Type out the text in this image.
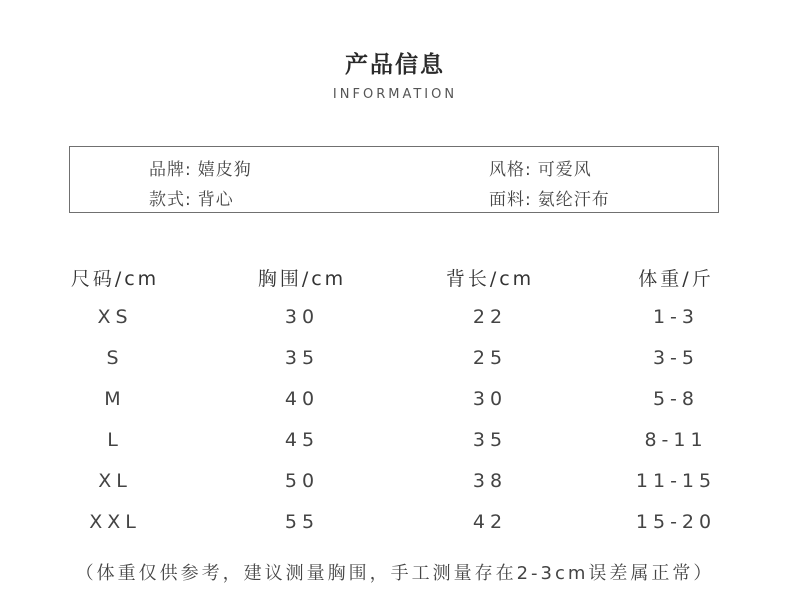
产品信息
INFORMATION
品牌: 嬉皮狗	风格: 可爱风
款式: 背心	面料: 氨纶汗布
尺码/cm	胸围/cm	背长/cm	体重/斤
XS	30	22	1-3
S	35	25	3-5
M	40	30	5-8
L	45	35	8-11
XL	50	38	11-15
XXL	55	42	15-20
（体重仅供参考，建议测量胸围，手工测量存在2-3cm误差属正常）
